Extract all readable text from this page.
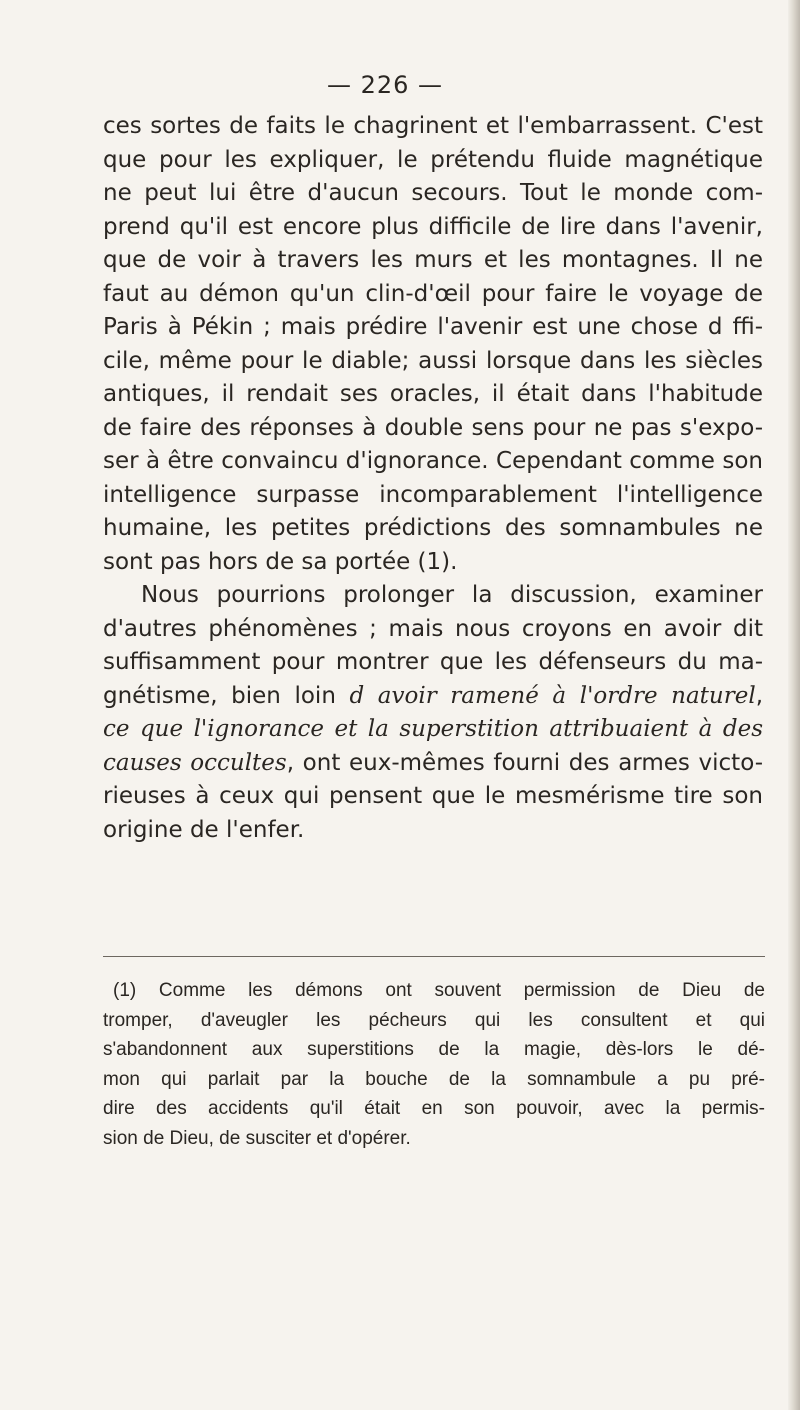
— 226 —
ces sortes de faits le chagrinent et l'embarrassent. C'est
que pour les expliquer, le prétendu fluide magnétique
ne peut lui être d'aucun secours. Tout le monde com-
prend qu'il est encore plus difficile de lire dans l'avenir,
que de voir à travers les murs et les montagnes. Il ne
faut au démon qu'un clin-d'œil pour faire le voyage de
Paris à Pékin ; mais prédire l'avenir est une chose d ffi-
cile, même pour le diable; aussi lorsque dans les siècles
antiques, il rendait ses oracles, il était dans l'habitude
de faire des réponses à double sens pour ne pas s'expo-
ser à être convaincu d'ignorance. Cependant comme son
intelligence surpasse incomparablement l'intelligence
humaine, les petites prédictions des somnambules ne
sont pas hors de sa portée (1).
Nous pourrions prolonger la discussion, examiner
d'autres phénomènes ; mais nous croyons en avoir dit
suffisamment pour montrer que les défenseurs du ma-
gnétisme, bien loin d avoir ramené à l'ordre naturel,
ce que l'ignorance et la superstition attribuaient à des
causes occultes, ont eux-mêmes fourni des armes victo-
rieuses à ceux qui pensent que le mesmérisme tire son
origine de l'enfer.
(1) Comme les démons ont souvent permission de Dieu de
tromper, d'aveugler les pécheurs qui les consultent et qui
s'abandonnent aux superstitions de la magie, dès-lors le dé-
mon qui parlait par la bouche de la somnambule a pu pré-
dire des accidents qu'il était en son pouvoir, avec la permis-
sion de Dieu, de susciter et d'opérer.
